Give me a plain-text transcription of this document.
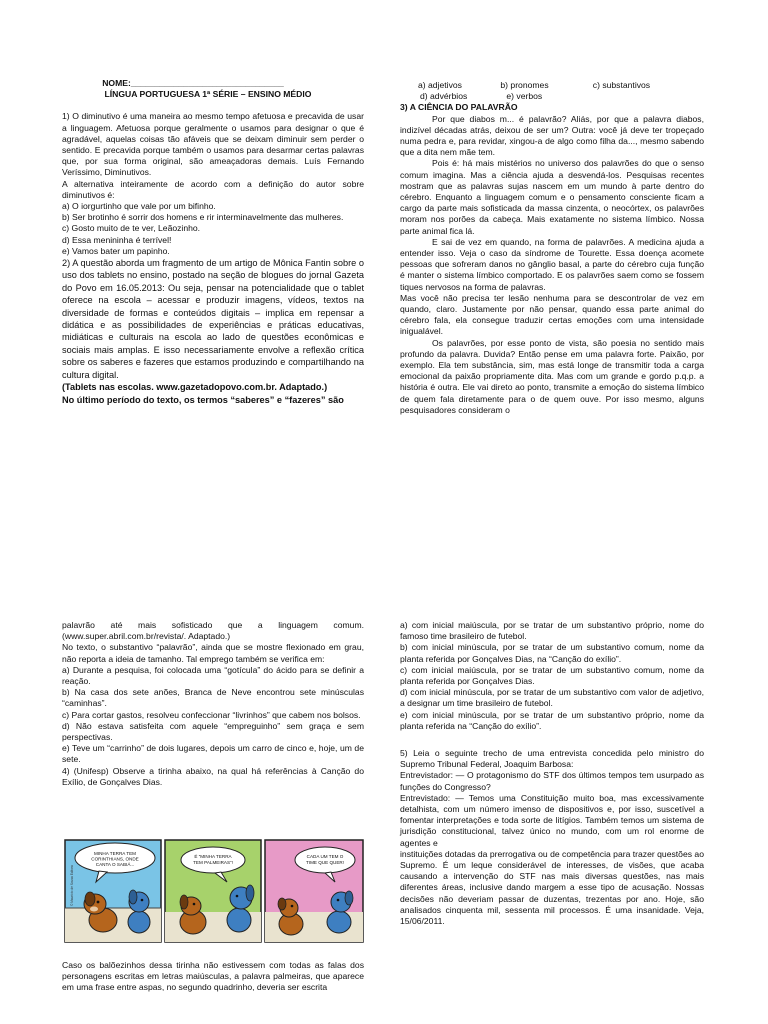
NOME:________________________________

LÍNGUA PORTUGUESA 1ª SÉRIE – ENSINO MÉDIO

1) O diminutivo é uma maneira ao mesmo tempo afetuosa e precavida de usar a linguagem. Afetuosa porque geralmente o usamos para designar o que é agradável, aquelas coisas tão afáveis que se deixam diminuir sem perder o sentido. E precavida porque também o usamos para desarmar certas palavras que, por sua forma original, são ameaçadoras demais. Luís Fernando Veríssimo, Diminutivos.

A alternativa inteiramente de acordo com a definição do autor sobre diminutivos é:

a) O iorgurtinho que vale por um bifinho.

b) Ser brotinho é sorrir dos homens e rir interminavelmente das mulheres.

c) Gosto muito de te ver, Leãozinho.

d) Essa menininha é terrível!

e) Vamos bater um papinho.

2) A questão aborda um fragmento de um artigo de Mônica Fantin sobre o uso dos tablets no ensino, postado na seção de blogues do jornal Gazeta do Povo em 16.05.2013: Ou seja, pensar na potencialidade que o tablet oferece na escola – acessar e produzir imagens, vídeos, textos na diversidade de formas e conteúdos digitais – implica em repensar a didática e as possibilidades de experiências e práticas educativas, midiáticas e culturais na escola ao lado de questões econômicas e sociais mais amplas. E isso necessariamente envolve a reflexão crítica sobre os saberes e fazeres que estamos produzindo e compartilhando na cultura digital.

(Tablets nas escolas. www.gazetadopovo.com.br. Adaptado.)

No último período do texto, os termos “saberes” e “fazeres” são

a) adjetivos	b) pronomes	c) substantivos

d) advérbios	e) verbos

3) A CIÊNCIA DO PALAVRÃO

Por que diabos m... é palavrão? Aliás, por que a palavra diabos, indizível décadas atrás, deixou de ser um? Outra: você já deve ter tropeçado numa pedra e, para revidar, xingou-a de algo como filha da..., mesmo sabendo que a dita nem mãe tem.

Pois é: há mais mistérios no universo dos palavrões do que o senso comum imagina. Mas a ciência ajuda a desvendá-los. Pesquisas recentes mostram que as palavras sujas nascem em um mundo à parte dentro do cérebro. Enquanto a linguagem comum e o pensamento consciente ficam a cargo da parte mais sofisticada da massa cinzenta, o neocórtex, os palavrões moram nos porões da cabeça. Mais exatamente no sistema límbico. Nossa parte animal fica lá.

E sai de vez em quando, na forma de palavrões. A medicina ajuda a entender isso. Veja o caso da síndrome de Tourette. Essa doença acomete pessoas que sofreram danos no gânglio basal, a parte do cérebro cuja função é manter o sistema límbico comportado. E os palavrões saem como se fossem tiques nervosos na forma de palavras.

Mas você não precisa ter lesão nenhuma para se descontrolar de vez em quando, claro. Justamente por não pensar, quando essa parte animal do cérebro fala, ela consegue traduzir certas emoções com uma intensidade inigualável.

Os palavrões, por esse ponto de vista, são poesia no sentido mais profundo da palavra. Duvida? Então pense em uma palavra forte. Paixão, por exemplo. Ela tem substância, sim, mas está longe de transmitir toda a carga emocional da paixão propriamente dita. Mas com um grande e gordo p.q.p. a história é outra. Ele vai direto ao ponto, transmite a emoção do sistema límbico de quem fala diretamente para o de quem ouve. Por isso mesmo, alguns pesquisadores consideram o

palavrão até mais sofisticado que a linguagem comum. (www.super.abril.com.br/revista/. Adaptado.)

No texto, o substantivo “palavrão”, ainda que se mostre flexionado em grau, não reporta a ideia de tamanho. Tal emprego também se verifica em:

a) Durante a pesquisa, foi colocada uma “gotícula” do ácido para se definir a reação.

b) Na casa dos sete anões, Branca de Neve encontrou sete minúsculas “caminhas”.

c) Para cortar gastos, resolveu confeccionar “livrinhos” que cabem nos bolsos.

d) Não estava satisfeita com aquele “empreguinho” sem graça e sem perspectivas.

e) Teve um “carrinho” de dois lugares, depois um carro de cinco e, hoje, um de sete.

4) (Unifesp) Observe a tirinha abaixo, na qual há referências à Canção do Exílio, de Gonçalves Dias.

MINHA TERRA TEM
CORINTHIANS, ONDE
CANTA O SABIÁ...
© Maurício de Sousa Editora
É “MINHA TERRA
TEM PALMEIRAS”!
CADA UM TEM O
TIME QUE QUER!

Caso os balõezinhos dessa tirinha não estivessem com todas as falas dos personagens escritas em letras maiúsculas, a palavra palmeiras, que aparece em uma frase entre aspas, no segundo quadrinho, deveria ser escrita

a) com inicial maiúscula, por se tratar de um substantivo próprio, nome do famoso time brasileiro de futebol.

b) com inicial minúscula, por se tratar de um substantivo comum, nome da planta referida por Gonçalves Dias, na “Canção do exílio”.

c) com inicial maiúscula, por se tratar de um substantivo comum, nome da planta referida por Gonçalves Dias.

d) com inicial minúscula, por se tratar de um substantivo com valor de adjetivo, a designar um time brasileiro de futebol.

e) com inicial minúscula, por se tratar de um substantivo próprio, nome da planta referida na “Canção do exílio”.

5) Leia o seguinte trecho de uma entrevista concedida pelo ministro do Supremo Tribunal Federal, Joaquim Barbosa:

Entrevistador: — O protagonismo do STF dos últimos tempos tem usurpado as funções do Congresso?

Entrevistado: — Temos uma Constituição muito boa, mas excessivamente detalhista, com um número imenso de dispositivos e, por isso, suscetível a fomentar interpretações e toda sorte de litígios. Também temos um sistema de jurisdição constitucional, talvez único no mundo, com um rol enorme de agentes e

instituições dotadas da prerrogativa ou de competência para trazer questões ao Supremo. É um leque considerável de interesses, de visões, que acaba causando a intervenção do STF nas mais diversas questões, nas mais diferentes áreas, inclusive dando margem a esse tipo de acusação. Nossas decisões não deveriam passar de duzentas, trezentas por ano. Hoje, são analisados cinquenta mil, sessenta mil processos. É uma insanidade. Veja, 15/06/2011.
